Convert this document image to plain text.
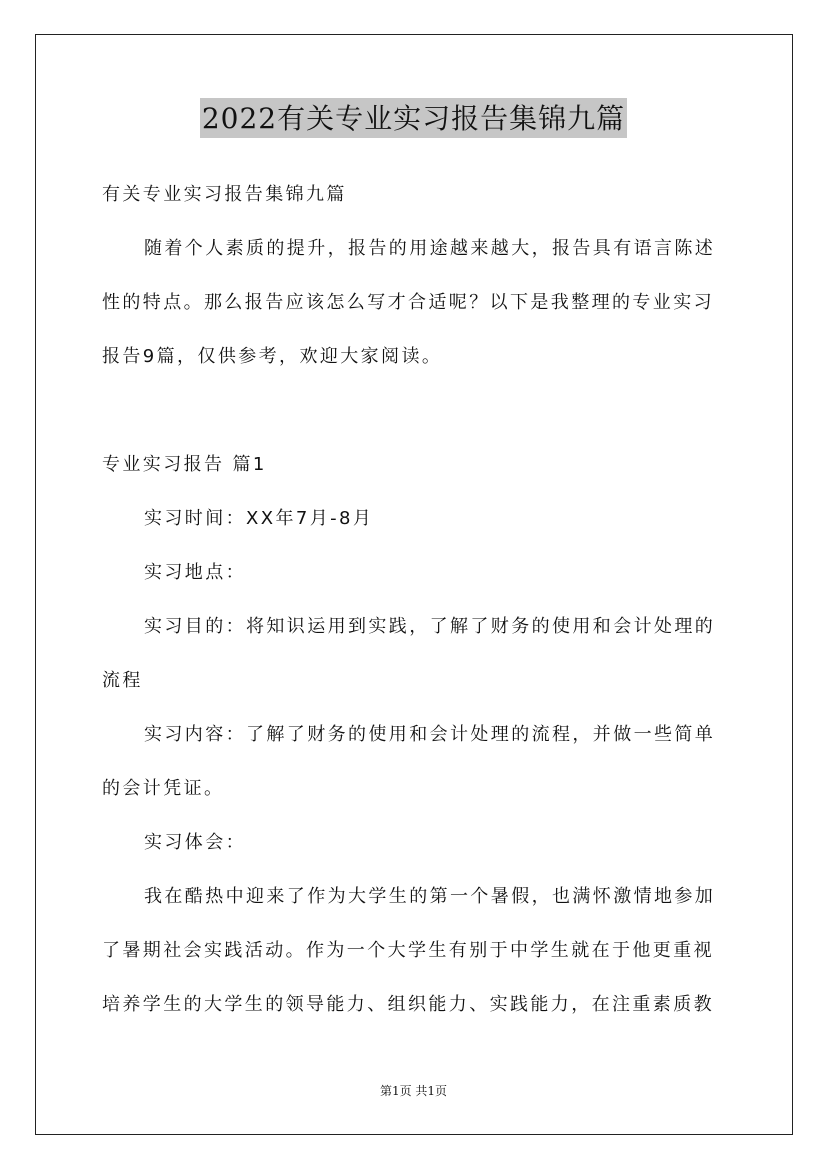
2022有关专业实习报告集锦九篇
有关专业实习报告集锦九篇
随着个人素质的提升，报告的用途越来越大，报告具有语言陈述
性的特点。那么报告应该怎么写才合适呢？以下是我整理的专业实习
报告9篇，仅供参考，欢迎大家阅读。
专业实习报告 篇1
实习时间：XX年7月-8月
实习地点：
实习目的：将知识运用到实践，了解了财务的使用和会计处理的
流程
实习内容：了解了财务的使用和会计处理的流程，并做一些简单
的会计凭证。
实习体会：
我在酷热中迎来了作为大学生的第一个暑假，也满怀激情地参加
了暑期社会实践活动。作为一个大学生有别于中学生就在于他更重视
培养学生的大学生的领导能力、组织能力、实践能力，在注重素质教
第1页 共1页
